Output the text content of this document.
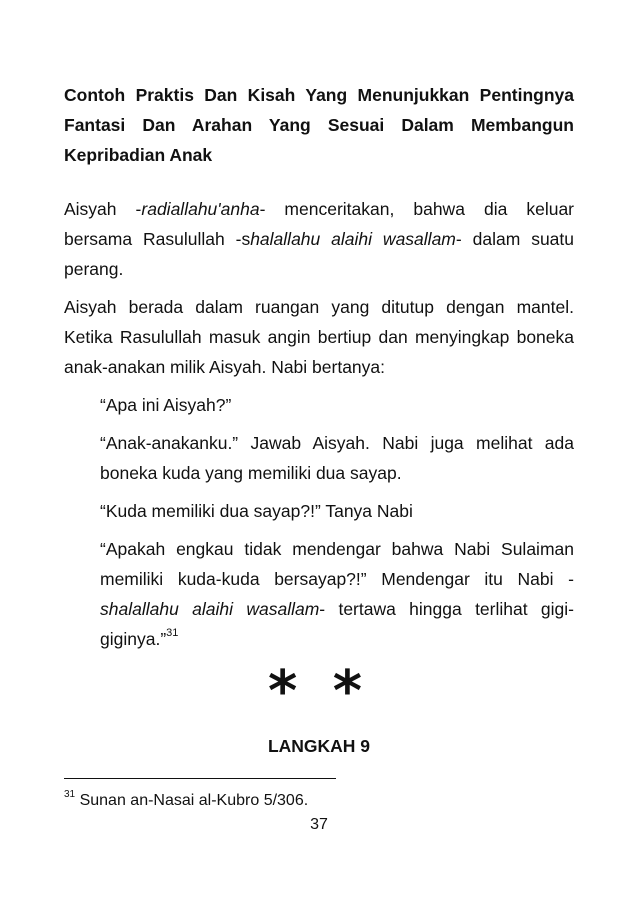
Contoh Praktis Dan Kisah Yang Menunjukkan Pentingnya Fantasi Dan Arahan Yang Sesuai Dalam Membangun Kepribadian Anak

Aisyah -radiallahu'anha- menceritakan, bahwa dia keluar bersama Rasulullah -shalallahu alaihi wasallam- dalam suatu perang.

Aisyah berada dalam ruangan yang ditutup dengan mantel. Ketika Rasulullah masuk angin bertiup dan menyingkap boneka anak-anakan milik Aisyah. Nabi bertanya:

“Apa ini Aisyah?”

“Anak-anakanku.” Jawab Aisyah. Nabi juga melihat ada boneka kuda yang memiliki dua sayap.

“Kuda memiliki dua sayap?!” Tanya Nabi

“Apakah engkau tidak mendengar bahwa Nabi Sulaiman memiliki kuda-kuda bersayap?!” Mendengar itu Nabi -shalallahu alaihi wasallam- tertawa hingga terlihat gigi-giginya.”$^{31}$

* *
LANGKAH 9
$^{31}$ Sunan an-Nasai al-Kubro 5/306.
37
